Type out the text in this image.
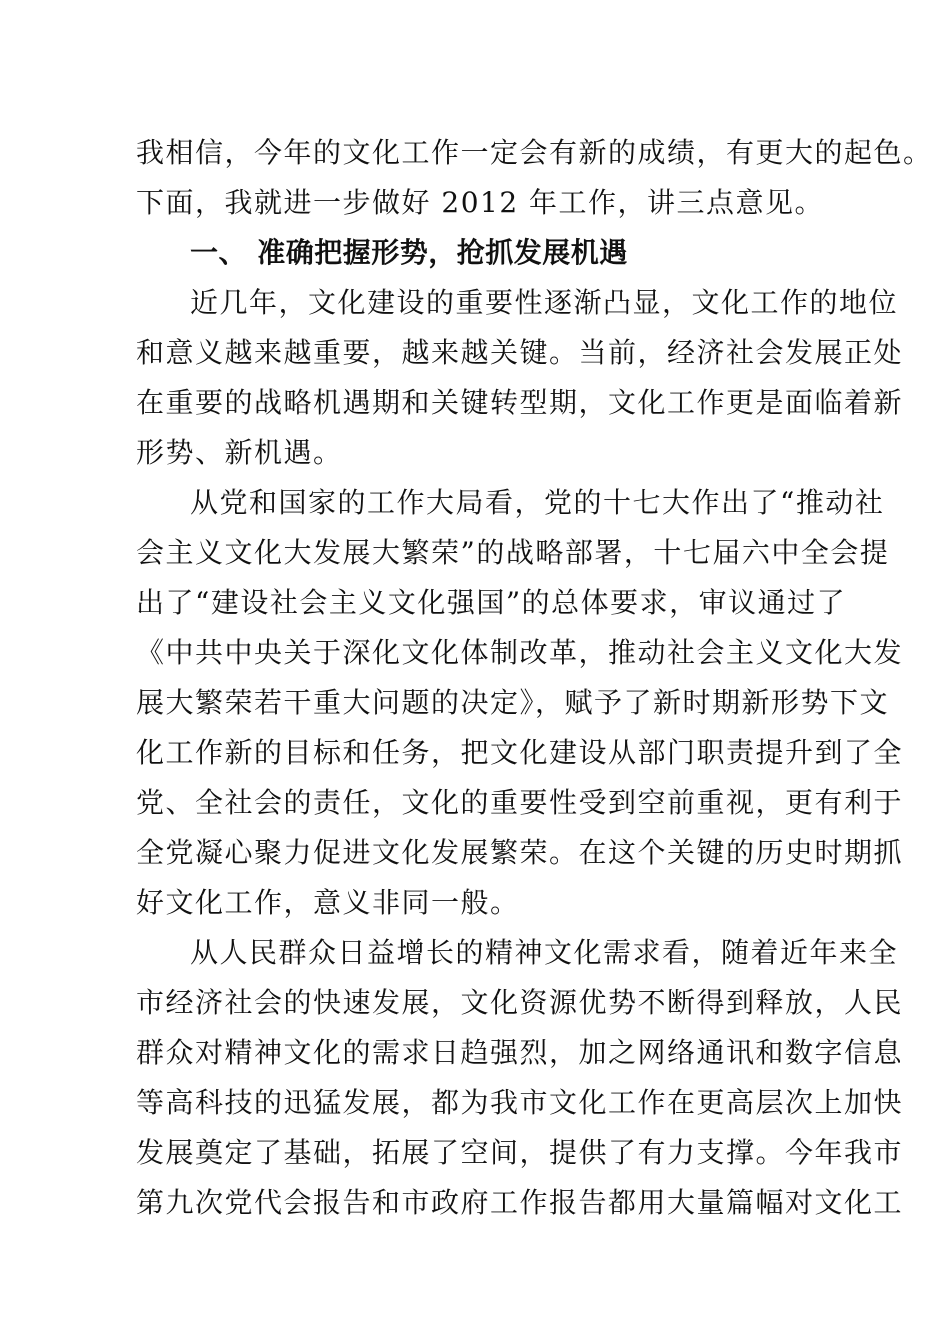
我相信，今年的文化工作一定会有新的成绩，有更大的起色。
下面，我就进一步做好 2012 年工作，讲三点意见。
一、 准确把握形势，抢抓发展机遇
近几年，文化建设的重要性逐渐凸显，文化工作的地位
和意义越来越重要，越来越关键。当前，经济社会发展正处
在重要的战略机遇期和关键转型期，文化工作更是面临着新
形势、新机遇。
从党和国家的工作大局看，党的十七大作出了“推动社
会主义文化大发展大繁荣”的战略部署，十七届六中全会提
出了“建设社会主义文化强国”的总体要求，审议通过了
《中共中央关于深化文化体制改革，推动社会主义文化大发
展大繁荣若干重大问题的决定》，赋予了新时期新形势下文
化工作新的目标和任务，把文化建设从部门职责提升到了全
党、全社会的责任，文化的重要性受到空前重视，更有利于
全党凝心聚力促进文化发展繁荣。在这个关键的历史时期抓
好文化工作，意义非同一般。
从人民群众日益增长的精神文化需求看，随着近年来全
市经济社会的快速发展，文化资源优势不断得到释放，人民
群众对精神文化的需求日趋强烈，加之网络通讯和数字信息
等高科技的迅猛发展，都为我市文化工作在更高层次上加快
发展奠定了基础，拓展了空间，提供了有力支撑。今年我市
第九次党代会报告和市政府工作报告都用大量篇幅对文化工
